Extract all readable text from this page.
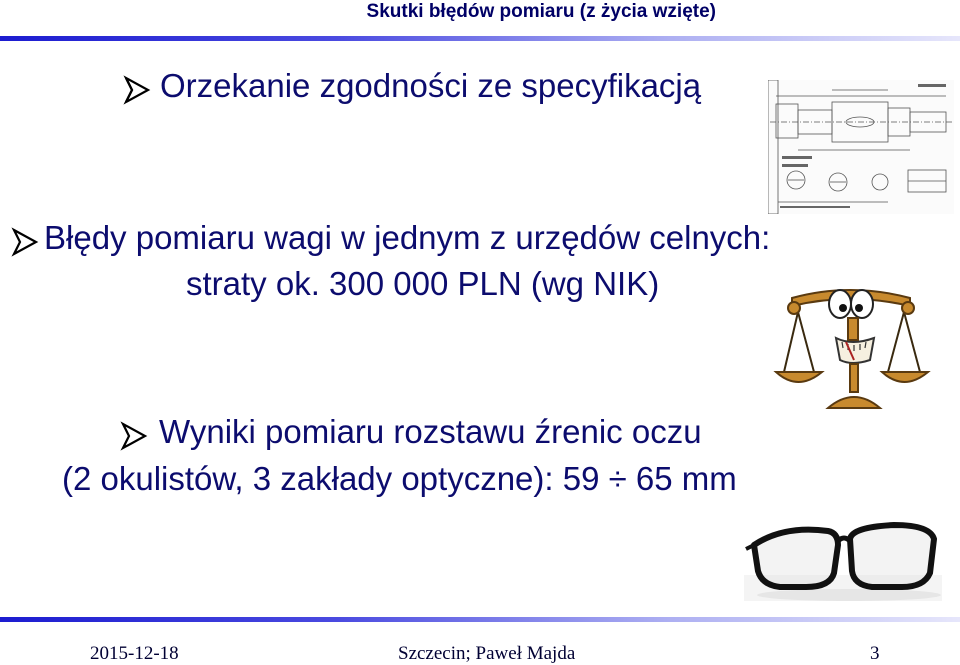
Skutki błędów pomiaru (z życia wzięte)
Orzekanie zgodności ze specyfikacją
Błędy pomiaru wagi w jednym z urzędów celnych:
straty ok. 300 000 PLN (wg NIK)
Wyniki pomiaru rozstawu źrenic oczu
(2 okulistów, 3 zakłady optyczne): 59 ÷ 65 mm
2015-12-18	Szczecin; Paweł Majda	3
